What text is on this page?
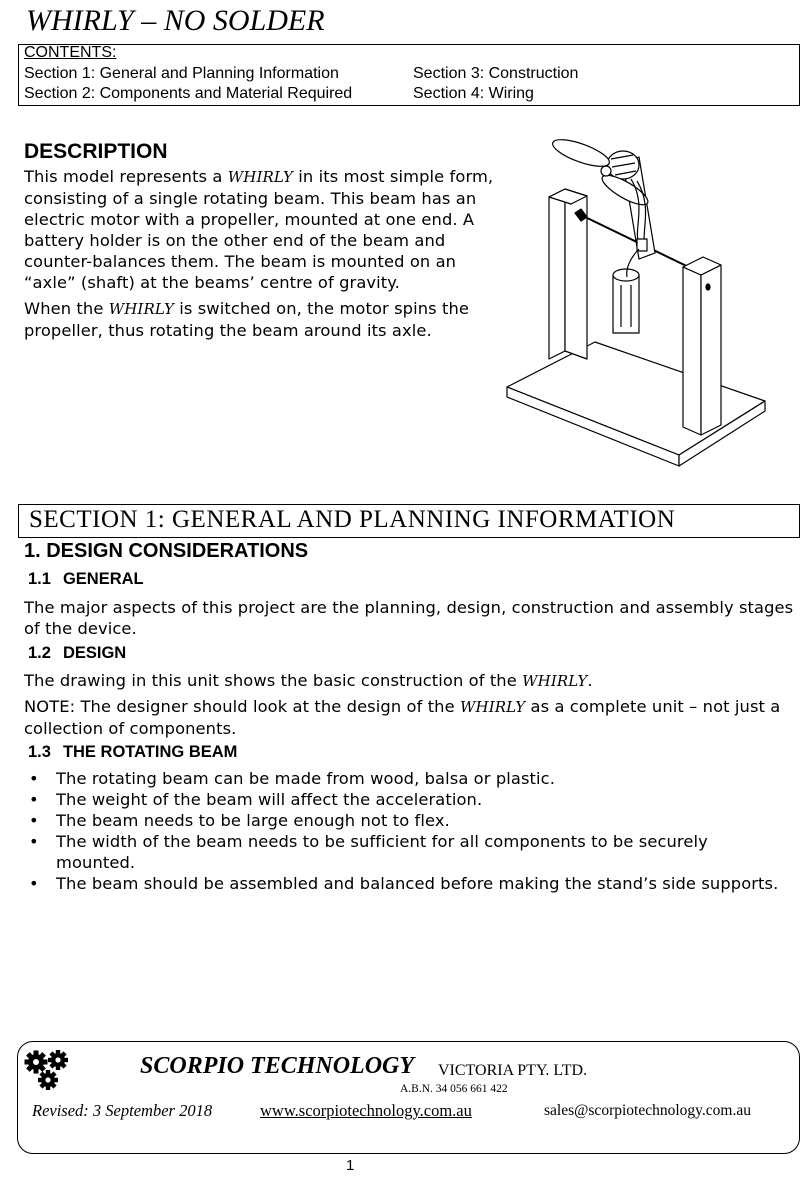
WHIRLY – NO SOLDER
CONTENTS:
Section 1: General and Planning Information
Section 2: Components and Material Required
Section 3: Construction
Section 4: Wiring
DESCRIPTION

This model represents a WHIRLY in its most simple form, consisting of a single rotating beam. This beam has an electric motor with a propeller, mounted at one end. A battery holder is on the other end of the beam and counter-balances them. The beam is mounted on an “axle” (shaft) at the beams’ centre of gravity.

When the WHIRLY is switched on, the motor spins the propeller, thus rotating the beam around its axle.

SECTION 1: GENERAL AND PLANNING INFORMATION
1. DESIGN CONSIDERATIONS
1.1 GENERAL
The major aspects of this project are the planning, design, construction and assembly stages of the device.
1.2 DESIGN
The drawing in this unit shows the basic construction of the WHIRLY.
NOTE: The designer should look at the design of the WHIRLY as a complete unit – not just a collection of components.
1.3 THE ROTATING BEAM
• The rotating beam can be made from wood, balsa or plastic.
• The weight of the beam will affect the acceleration.
• The beam needs to be large enough not to flex.
• The width of the beam needs to be sufficient for all components to be securely mounted.
• The beam should be assembled and balanced before making the stand’s side supports.
SCORPIO TECHNOLOGY VICTORIA PTY. LTD.
A.B.N. 34 056 661 422
Revised: 3 September 2018	www.scorpiotechnology.com.au	sales@scorpiotechnology.com.au
1
